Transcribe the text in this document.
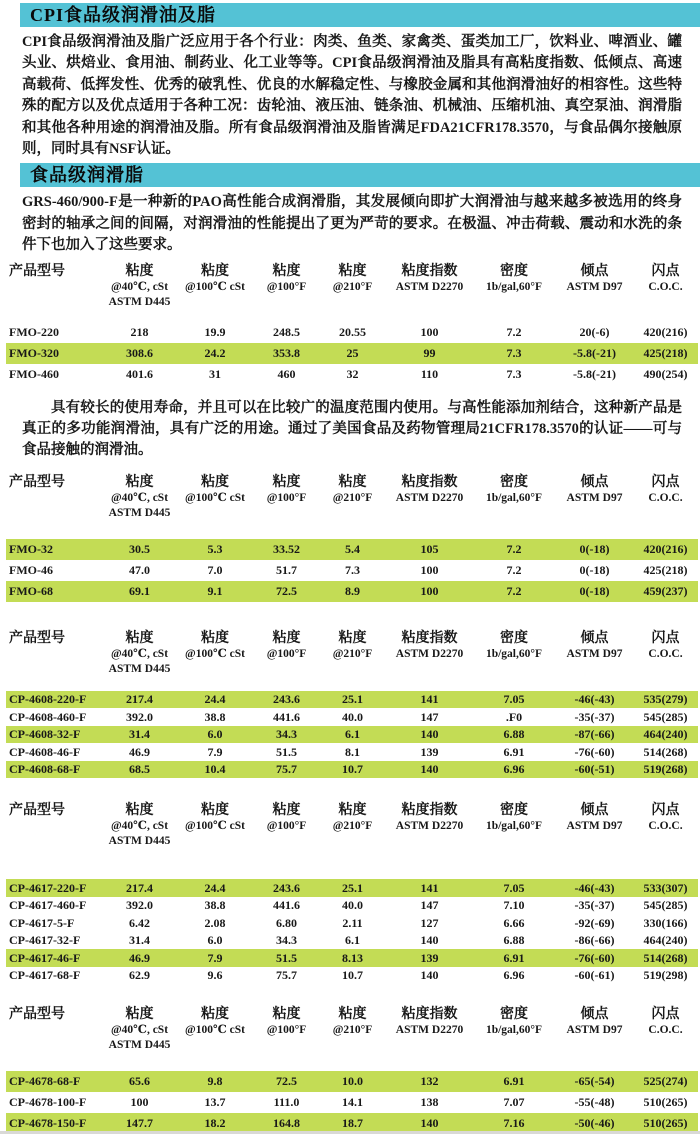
CPI食品级润滑油及脂

CPI食品级润滑油及脂广泛应用于各个行业：肉类、鱼类、家禽类、蛋类加工厂，饮料业、啤酒业、罐头业、烘焙业、食用油、制药业、化工业等等。CPI食品级润滑油及脂具有高粘度指数、低倾点、高速高载荷、低挥发性、优秀的破乳性、优良的水解稳定性、与橡胶金属和其他润滑油好的相容性。这些特殊的配方以及优点适用于各种工况：齿轮油、液压油、链条油、机械油、压缩机油、真空泵油、润滑脂和其他各种用途的润滑油及脂。所有食品级润滑油及脂皆满足FDA21CFR178.3570，与食品偶尔接触原则，同时具有NSF认证。

食品级润滑脂

GRS-460/900-F是一种新的PAO高性能合成润滑脂，其发展倾向即扩大润滑油与越来越多被选用的终身密封的轴承之间的间隔，对润滑油的性能提出了更为严苛的要求。在极温、冲击荷载、震动和水洗的条件下也加入了这些要求。

产品型号	粘度	粘度	粘度	粘度	粘度指数	密度	倾点	闪点
	@40℃, cSt	@100℃ cSt	@100°F	@210°F	ASTM D2270	1b/gal,60°F	ASTM D97	C.O.C.
	ASTM D445							
FMO-220	218	19.9	248.5	20.55	100	7.2	20(-6)	420(216)
FMO-320	308.6	24.2	353.8	25	99	7.3	-5.8(-21)	425(218)
FMO-460	401.6	31	460	32	110	7.3	-5.8(-21)	490(254)

具有较长的使用寿命，并且可以在比较广的温度范围内使用。与高性能添加剂结合，这种新产品是真正的多功能润滑油，具有广泛的用途。通过了美国食品及药物管理局21CFR178.3570的认证——可与食品接触的润滑油。

产品型号	粘度	粘度	粘度	粘度	粘度指数	密度	倾点	闪点
	@40℃, cSt	@100℃ cSt	@100°F	@210°F	ASTM D2270	1b/gal,60°F	ASTM D97	C.O.C.
	ASTM D445							
FMO-32	30.5	5.3	33.52	5.4	105	7.2	0(-18)	420(216)
FMO-46	47.0	7.0	51.7	7.3	100	7.2	0(-18)	425(218)
FMO-68	69.1	9.1	72.5	8.9	100	7.2	0(-18)	459(237)
产品型号	粘度	粘度	粘度	粘度	粘度指数	密度	倾点	闪点
	@40℃, cSt	@100℃ cSt	@100°F	@210°F	ASTM D2270	1b/gal,60°F	ASTM D97	C.O.C.
	ASTM D445							
CP-4608-220-F	217.4	24.4	243.6	25.1	141	7.05	-46(-43)	535(279)
CP-4608-460-F	392.0	38.8	441.6	40.0	147	.F0	-35(-37)	545(285)
CP-4608-32-F	31.4	6.0	34.3	6.1	140	6.88	-87(-66)	464(240)
CP-4608-46-F	46.9	7.9	51.5	8.1	139	6.91	-76(-60)	514(268)
CP-4608-68-F	68.5	10.4	75.7	10.7	140	6.96	-60(-51)	519(268)
产品型号	粘度	粘度	粘度	粘度	粘度指数	密度	倾点	闪点
	@40℃, cSt	@100℃ cSt	@100°F	@210°F	ASTM D2270	1b/gal,60°F	ASTM D97	C.O.C.
	ASTM D445							
CP-4617-220-F	217.4	24.4	243.6	25.1	141	7.05	-46(-43)	533(307)
CP-4617-460-F	392.0	38.8	441.6	40.0	147	7.10	-35(-37)	545(285)
CP-4617-5-F	6.42	2.08	6.80	2.11	127	6.66	-92(-69)	330(166)
CP-4617-32-F	31.4	6.0	34.3	6.1	140	6.88	-86(-66)	464(240)
CP-4617-46-F	46.9	7.9	51.5	8.13	139	6.91	-76(-60)	514(268)
CP-4617-68-F	62.9	9.6	75.7	10.7	140	6.96	-60(-61)	519(298)
产品型号	粘度	粘度	粘度	粘度	粘度指数	密度	倾点	闪点
	@40℃, cSt	@100℃ cSt	@100°F	@210°F	ASTM D2270	1b/gal,60°F	ASTM D97	C.O.C.
	ASTM D445							
CP-4678-68-F	65.6	9.8	72.5	10.0	132	6.91	-65(-54)	525(274)
CP-4678-100-F	100	13.7	111.0	14.1	138	7.07	-55(-48)	510(265)
CP-4678-150-F	147.7	18.2	164.8	18.7	140	7.16	-50(-46)	510(265)
